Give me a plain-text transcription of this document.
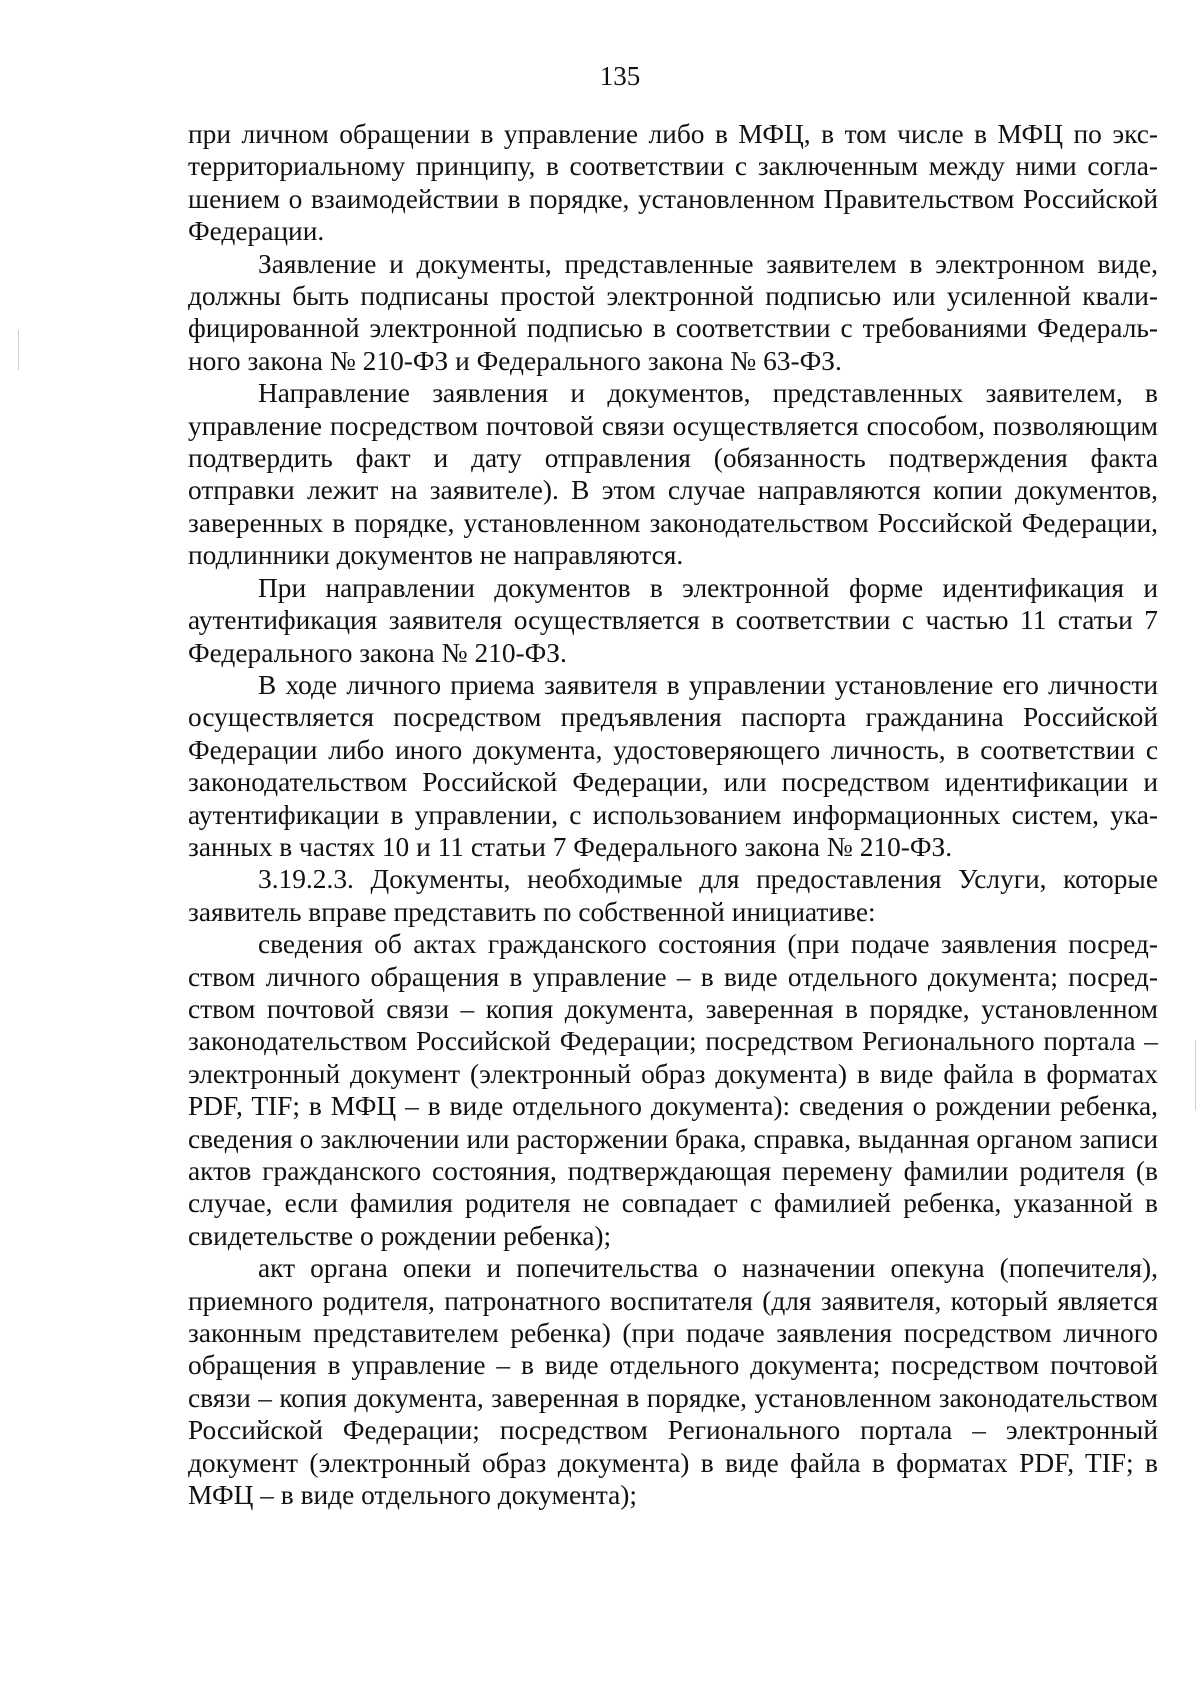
135

при личном обращении в управление либо в МФЦ, в том числе в МФЦ по экстерриториальному принципу, в соответствии с заключенным между ними соглашением о взаимодействии в порядке, установленном Правительством Российской Федерации.

Заявление и документы, представленные заявителем в электронном виде, должны быть подписаны простой электронной подписью или усиленной квалифицированной электронной подписью в соответствии с требованиями Федерального закона № 210-ФЗ и Федерального закона № 63-ФЗ.

Направление заявления и документов, представленных заявителем, в управление посредством почтовой связи осуществляется способом, позволяющим подтвердить факт и дату отправления (обязанность подтверждения факта отправки лежит на заявителе). В этом случае направляются копии документов, заверенных в порядке, установленном законодательством Российской Федерации, подлинники документов не направляются.

При направлении документов в электронной форме идентификация и аутентификация заявителя осуществляется в соответствии с частью 11 статьи 7 Федерального закона № 210-ФЗ.

В ходе личного приема заявителя в управлении установление его личности осуществляется посредством предъявления паспорта гражданина Российской Федерации либо иного документа, удостоверяющего личность, в соответствии с законодательством Российской Федерации, или посредством идентификации и аутентификации в управлении, с использованием информационных систем, указанных в частях 10 и 11 статьи 7 Федерального закона № 210-ФЗ.

3.19.2.3. Документы, необходимые для предоставления Услуги, которые заявитель вправе представить по собственной инициативе:

сведения об актах гражданского состояния (при подаче заявления посредством личного обращения в управление – в виде отдельного документа; посредством почтовой связи – копия документа, заверенная в порядке, установленном законодательством Российской Федерации; посредством Регионального портала – электронный документ (электронный образ документа) в виде файла в форматах PDF, TIF; в МФЦ – в виде отдельного документа): сведения о рождении ребенка, сведения о заключении или расторжении брака, справка, выданная органом записи актов гражданского состояния, подтверждающая перемену фамилии родителя (в случае, если фамилия родителя не совпадает с фамилией ребенка, указанной в свидетельстве о рождении ребенка);

акт органа опеки и попечительства о назначении опекуна (попечителя), приемного родителя, патронатного воспитателя (для заявителя, который является законным представителем ребенка) (при подаче заявления посредством личного обращения в управление – в виде отдельного документа; посредством почтовой связи – копия документа, заверенная в порядке, установленном законодательством Российской Федерации; посредством Регионального портала – электронный документ (электронный образ документа) в виде файла в форматах PDF, TIF; в МФЦ – в виде отдельного документа);
